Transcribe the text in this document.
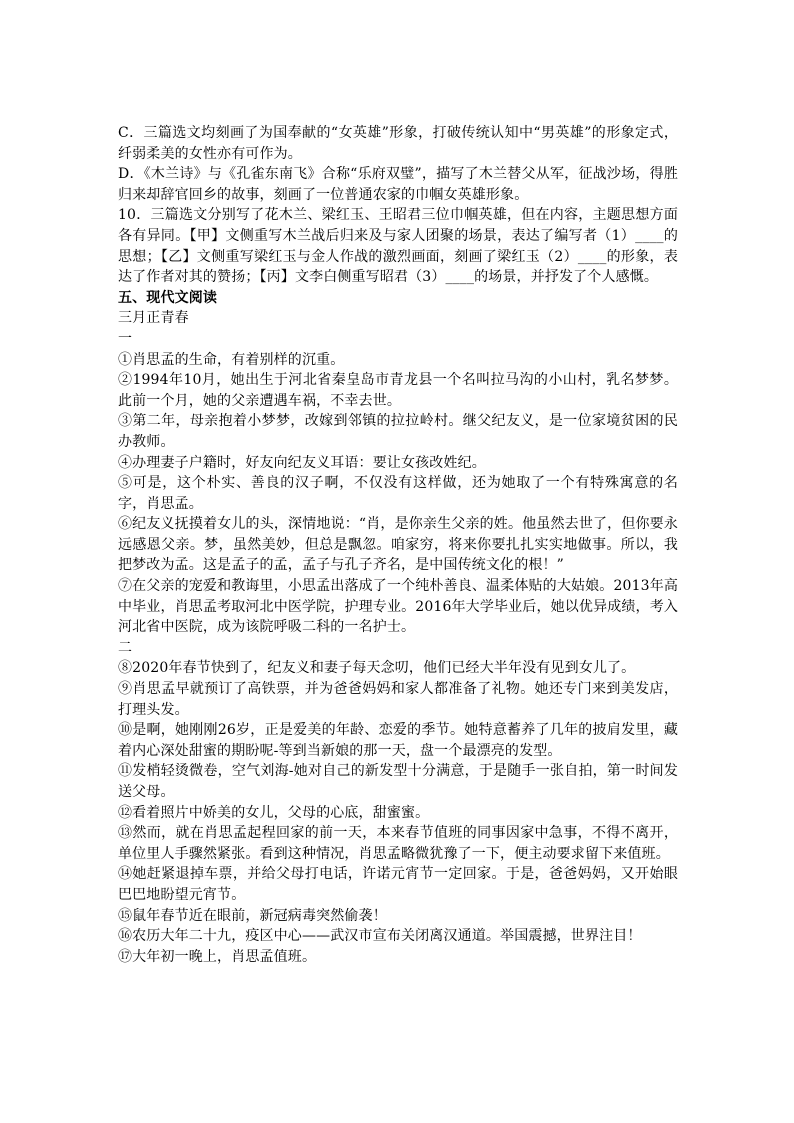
C．三篇选文均刻画了为国奉献的“女英雄”形象，打破传统认知中“男英雄”的形象定式，纤弱柔美的女性亦有可作为。

D．《木兰诗》与《孔雀东南飞》合称“乐府双璧”，描写了木兰替父从军，征战沙场，得胜归来却辞官回乡的故事，刻画了一位普通农家的巾帼女英雄形象。

10．三篇选文分别写了花木兰、梁红玉、王昭君三位巾帼英雄，但在内容，主题思想方面各有异同。【甲】文侧重写木兰战后归来及与家人团聚的场景，表达了编写者（1）____的思想；【乙】文侧重写梁红玉与金人作战的激烈画面，刻画了梁红玉（2）____的形象，表达了作者对其的赞扬；【丙】文李白侧重写昭君（3）____的场景，并抒发了个人感慨。

五、现代文阅读

三月正青春

一

①肖思孟的生命，有着别样的沉重。

②1994年10月，她出生于河北省秦皇岛市青龙县一个名叫拉马沟的小山村，乳名梦梦。此前一个月，她的父亲遭遇车祸，不幸去世。

③第二年，母亲抱着小梦梦，改嫁到邻镇的拉拉岭村。继父纪友义，是一位家境贫困的民办教师。

④办理妻子户籍时，好友向纪友义耳语：要让女孩改姓纪。

⑤可是，这个朴实、善良的汉子啊，不仅没有这样做，还为她取了一个有特殊寓意的名字，肖思孟。

⑥纪友义抚摸着女儿的头，深情地说：“肖，是你亲生父亲的姓。他虽然去世了，但你要永远感恩父亲。梦，虽然美妙，但总是飘忽。咱家穷，将来你要扎扎实实地做事。所以，我把梦改为孟。这是孟子的孟，孟子与孔子齐名，是中国传统文化的根！”

⑦在父亲的宠爱和教诲里，小思孟出落成了一个纯朴善良、温柔体贴的大姑娘。2013年高中毕业，肖思孟考取河北中医学院，护理专业。2016年大学毕业后，她以优异成绩，考入河北省中医院，成为该院呼吸二科的一名护士。

二

⑧2020年春节快到了，纪友义和妻子每天念叨，他们已经大半年没有见到女儿了。

⑨肖思孟早就预订了高铁票，并为爸爸妈妈和家人都准备了礼物。她还专门来到美发店，打理头发。

⑩是啊，她刚刚26岁，正是爱美的年龄、恋爱的季节。她特意蓄养了几年的披肩发里，藏着内心深处甜蜜的期盼呢-等到当新娘的那一天，盘一个最漂亮的发型。

⑪发梢轻烫微卷，空气刘海-她对自己的新发型十分满意，于是随手一张自拍，第一时间发送父母。

⑫看着照片中娇美的女儿，父母的心底，甜蜜蜜。

⑬然而，就在肖思孟起程回家的前一天，本来春节值班的同事因家中急事，不得不离开，单位里人手骤然紧张。看到这种情况，肖思孟略微犹豫了一下，便主动要求留下来值班。

⑭她赶紧退掉车票，并给父母打电话，许诺元宵节一定回家。于是，爸爸妈妈，又开始眼巴巴地盼望元宵节。

⑮鼠年春节近在眼前，新冠病毒突然偷袭！

⑯农历大年二十九，疫区中心——武汉市宣布关闭离汉通道。举国震撼，世界注目！

⑰大年初一晚上，肖思孟值班。
